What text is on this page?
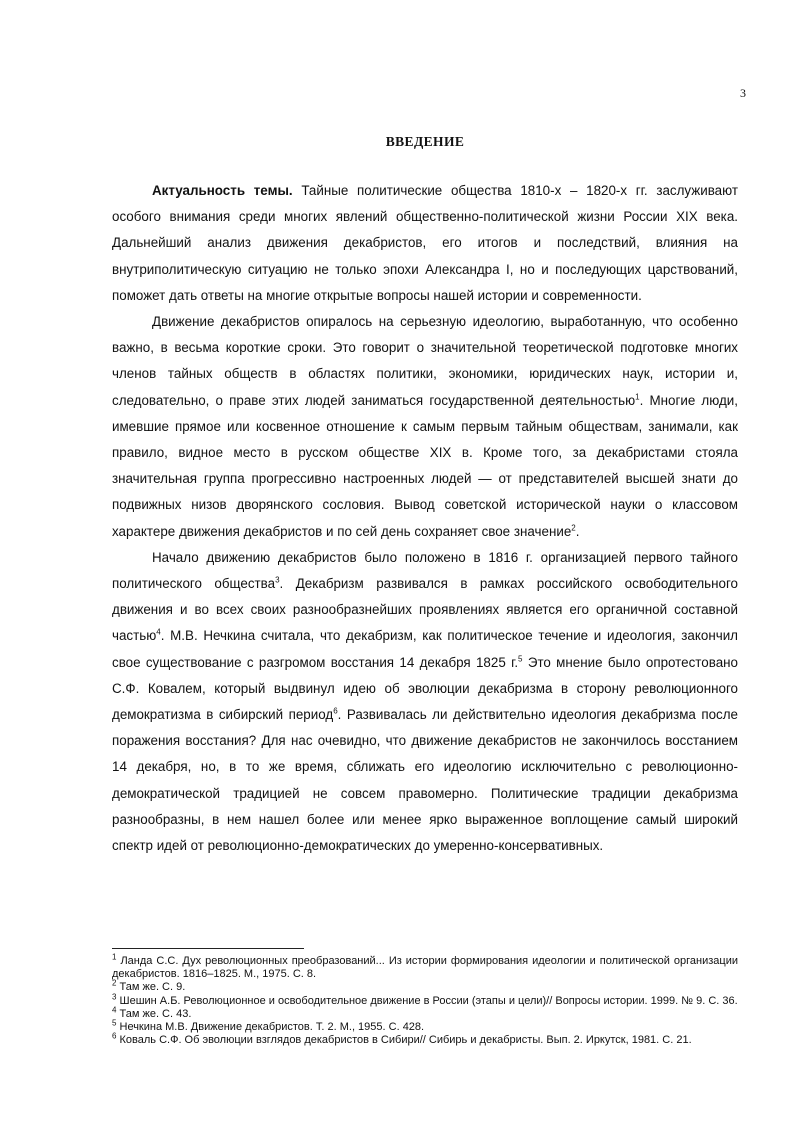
3
ВВЕДЕНИЕ

Актуальность темы. Тайные политические общества 1810-х – 1820-х гг. заслуживают особого внимания среди многих явлений общественно-политической жизни России XIX века. Дальнейший анализ движения декабристов, его итогов и последствий, влияния на внутриполитическую ситуацию не только эпохи Александра I, но и последующих царствований, поможет дать ответы на многие открытые вопросы нашей истории и современности.

Движение декабристов опиралось на серьезную идеологию, выработанную, что особенно важно, в весьма короткие сроки. Это говорит о значительной теоретической подготовке многих членов тайных обществ в областях политики, экономики, юридических наук, истории и, следовательно, о праве этих людей заниматься государственной деятельностью$^1$. Многие люди, имевшие прямое или косвенное отношение к самым первым тайным обществам, занимали, как правило, видное место в русском обществе XIX в. Кроме того, за декабристами стояла значительная группа прогрессивно настроенных людей — от представителей высшей знати до подвижных низов дворянского сословия. Вывод советской исторической науки о классовом характере движения декабристов и по сей день сохраняет свое значение$^2$.

Начало движению декабристов было положено в 1816 г. организацией первого тайного политического общества$^3$. Декабризм развивался в рамках российского освободительного движения и во всех своих разнообразнейших проявлениях является его органичной составной частью$^4$. М.В. Нечкина считала, что декабризм, как политическое течение и идеология, закончил свое существование с разгромом восстания 14 декабря 1825 г.$^5$ Это мнение было опротестовано С.Ф. Ковалем, который выдвинул идею об эволюции декабризма в сторону революционного демократизма в сибирский период$^6$. Развивалась ли действительно идеология декабризма после поражения восстания? Для нас очевидно, что движение декабристов не закончилось восстанием 14 декабря, но, в то же время, сближать его идеологию исключительно с революционно-демократической традицией не совсем правомерно. Политические традиции декабризма разнообразны, в нем нашел более или менее ярко выраженное воплощение самый широкий спектр идей от революционно-демократических до умеренно-консервативных.

$^1$ Ланда С.С. Дух революционных преобразований... Из истории формирования идеологии и политической организации декабристов. 1816–1825. М., 1975. С. 8.
$^2$ Там же. С. 9.
$^3$ Шешин А.Б. Революционное и освободительное движение в России (этапы и цели)// Вопросы истории. 1999. № 9. С. 36.
$^4$ Там же. С. 43.
$^5$ Нечкина М.В. Движение декабристов. Т. 2. М., 1955. С. 428.
$^6$ Коваль С.Ф. Об эволюции взглядов декабристов в Сибири// Сибирь и декабристы. Вып. 2. Иркутск, 1981. С. 21.
